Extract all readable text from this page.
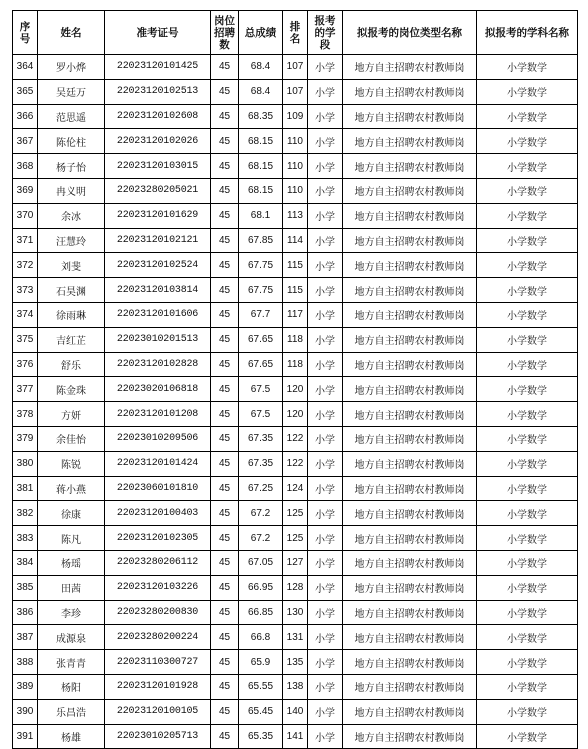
序号	姓名	准考证号	岗位招聘数	总成绩	排名	报考的学段	拟报考的岗位类型名称	拟报考的学科名称
364	罗小烨	22023120101425	45	68.4	107	小学	地方自主招聘农村教师岗	小学数学
365	吴廷万	22023120102513	45	68.4	107	小学	地方自主招聘农村教师岗	小学数学
366	范思遥	22023120102608	45	68.35	109	小学	地方自主招聘农村教师岗	小学数学
367	陈伦柱	22023120102026	45	68.15	110	小学	地方自主招聘农村教师岗	小学数学
368	杨子怡	22023120103015	45	68.15	110	小学	地方自主招聘农村教师岗	小学数学
369	冉义明	22023280205021	45	68.15	110	小学	地方自主招聘农村教师岗	小学数学
370	余冰	22023120101629	45	68.1	113	小学	地方自主招聘农村教师岗	小学数学
371	汪慧玲	22023120102121	45	67.85	114	小学	地方自主招聘农村教师岗	小学数学
372	刘斐	22023120102524	45	67.75	115	小学	地方自主招聘农村教师岗	小学数学
373	石昊渊	22023120103814	45	67.75	115	小学	地方自主招聘农村教师岗	小学数学
374	徐雨琳	22023120101606	45	67.7	117	小学	地方自主招聘农村教师岗	小学数学
375	吉红芷	22023010201513	45	67.65	118	小学	地方自主招聘农村教师岗	小学数学
376	舒乐	22023120102828	45	67.65	118	小学	地方自主招聘农村教师岗	小学数学
377	陈金珠	22023020106818	45	67.5	120	小学	地方自主招聘农村教师岗	小学数学
378	方妍	22023120101208	45	67.5	120	小学	地方自主招聘农村教师岗	小学数学
379	余佳怡	22023010209506	45	67.35	122	小学	地方自主招聘农村教师岗	小学数学
380	陈锐	22023120101424	45	67.35	122	小学	地方自主招聘农村教师岗	小学数学
381	蒋小燕	22023060101810	45	67.25	124	小学	地方自主招聘农村教师岗	小学数学
382	徐康	22023120100403	45	67.2	125	小学	地方自主招聘农村教师岗	小学数学
383	陈凡	22023120102305	45	67.2	125	小学	地方自主招聘农村教师岗	小学数学
384	杨瑶	22023280206112	45	67.05	127	小学	地方自主招聘农村教师岗	小学数学
385	田茜	22023120103226	45	66.95	128	小学	地方自主招聘农村教师岗	小学数学
386	李珍	22023280200830	45	66.85	130	小学	地方自主招聘农村教师岗	小学数学
387	成源泉	22023280200224	45	66.8	131	小学	地方自主招聘农村教师岗	小学数学
388	张青青	22023110300727	45	65.9	135	小学	地方自主招聘农村教师岗	小学数学
389	杨阳	22023120101928	45	65.55	138	小学	地方自主招聘农村教师岗	小学数学
390	乐昌浩	22023120100105	45	65.45	140	小学	地方自主招聘农村教师岗	小学数学
391	杨雄	22023010205713	45	65.35	141	小学	地方自主招聘农村教师岗	小学数学
